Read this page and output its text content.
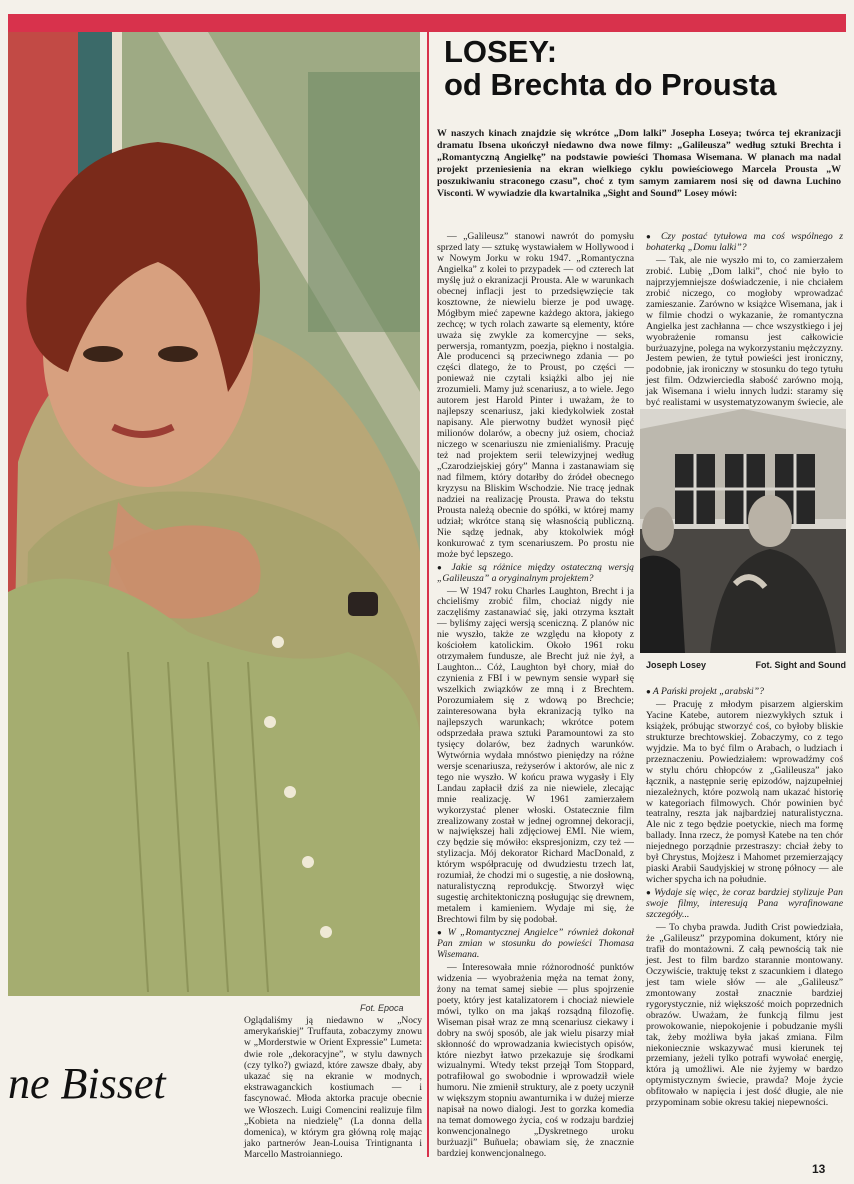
Fot. Epoca
ne Bisset
Oglądaliśmy ją niedawno w „Nocy amerykańskiej” Truffauta, zobaczymy znowu w „Morderstwie w Orient Expressie” Lumeta: dwie role „dekoracyjne”, w stylu dawnych (czy tylko?) gwiazd, które zawsze dbały, aby ukazać się na ekranie w modnych, ekstrawaganckich kostiumach — i fascynować. Młoda aktorka pracuje obecnie we Włoszech. Luigi Comencini realizuje film „Kobieta na niedzielę” (La donna della domenica), w którym gra główną rolę mając jako partnerów Jean-Louisa Trintignanta i Marcello Mastroianniego.
LOSEY:
od Brechta do Prousta
W naszych kinach znajdzie się wkrótce „Dom lalki” Josepha Loseya; twórca tej ekranizacji dramatu Ibsena ukończył niedawno dwa nowe filmy: „Galileusza” według sztuki Brechta i „Romantyczną Angielkę” na podstawie powieści Thomasa Wisemana. W planach ma nadal projekt przeniesienia na ekran wielkiego cyklu powieściowego Marcela Prousta „W poszukiwaniu straconego czasu”, choć z tym samym zamiarem nosi się od dawna Luchino Visconti. W wywiadzie dla kwartalnika „Sight and Sound” Losey mówi:

— „Galileusz” stanowi nawrót do pomysłu sprzed laty — sztukę wystawiałem w Hollywood i w Nowym Jorku w roku 1947. „Romantyczna Angielka” z kolei to przypadek — od czterech lat myślę już o ekranizacji Prousta. Ale w warunkach obecnej inflacji jest to przedsięwzięcie tak kosztowne, że niewielu bierze je pod uwagę. Mógłbym mieć zapewne każdego aktora, jakiego zechcę; w tych rolach zawarte są elementy, które uważa się zwykle za komercyjne — seks, perwersja, romantyzm, poezja, piękno i nostalgia. Ale producenci są przeciwnego zdania — po części dlatego, że to Proust, po części — ponieważ nie czytali książki albo jej nie zrozumieli. Mamy już scenariusz, a to wiele. Jego autorem jest Harold Pinter i uważam, że to najlepszy scenariusz, jaki kiedykolwiek został napisany. Ale pierwotny budżet wynosił pięć milionów dolarów, a obecny już osiem, chociaż niczego w scenariuszu nie zmienialiśmy. Pracuję też nad projektem serii telewizyjnej według „Czarodziejskiej góry” Manna i zastanawiam się nad filmem, który dotarłby do źródeł obecnego kryzysu na Bliskim Wschodzie. Nie tracę jednak nadziei na realizację Prousta. Prawa do tekstu Prousta należą obecnie do spółki, w której mamy udział; wkrótce staną się własnością publiczną. Nie sądzę jednak, aby ktokolwiek mógł konkurować z tym scenariuszem. Po prostu nie może być lepszego.

● Jakie są różnice między ostateczną wersją „Galileusza” a oryginalnym projektem?

— W 1947 roku Charles Laughton, Brecht i ja chcieliśmy zrobić film, chociaż nigdy nie zaczęliśmy zastanawiać się, jaki otrzyma kształt — byliśmy zajęci wersją sceniczną. Z planów nic nie wyszło, także ze względu na kłopoty z kościołem katolickim. Około 1961 roku otrzymałem fundusze, ale Brecht już nie żył, a Laughton... Cóż, Laughton był chory, miał do czynienia z FBI i w pewnym sensie wyparł się wszelkich związków ze mną i z Brechtem. Porozumiałem się z wdową po Brechcie; zainteresowana była ekranizacją tylko na najlepszych warunkach; wkrótce potem odsprzedała prawa sztuki Paramountowi za sto tysięcy dolarów, bez żadnych warunków. Wytwórnia wydała mnóstwo pieniędzy na różne wersje scenariusza, reżyserów i aktorów, ale nic z tego nie wyszło. W końcu prawa wygasły i Ely Landau zapłacił dziś za nie niewiele, zlecając mnie realizację. W 1961 zamierzałem wykorzystać plener włoski. Ostatecznie film zrealizowany został w jednej ogromnej dekoracji, w największej hali zdjęciowej EMI. Nie wiem, czy będzie się mówiło: ekspresjonizm, czy też — stylizacja. Mój dekorator Richard MacDonald, z którym współpracuję od dwudziestu trzech lat, rozumiał, że chodzi mi o sugestię, a nie dosłowną, naturalistyczną reprodukcję. Stworzył więc sugestię architektoniczną posługując się drewnem, metalem i kamieniem. Wydaje mi się, że Brechtowi film by się podobał.

● W „Romantycznej Angielce” również dokonał Pan zmian w stosunku do powieści Thomasa Wisemana.

— Interesowała mnie różnorodność punktów widzenia — wyobrażenia męża na temat żony, żony na temat samej siebie — plus spojrzenie poety, który jest katalizatorem i chociaż niewiele mówi, tylko on ma jakąś rozsądną filozofię. Wiseman pisał wraz ze mną scenariusz ciekawy i dobry na swój sposób, ale jak wielu pisarzy miał skłonność do wprowadzania kwiecistych opisów, które niezbyt łatwo przekazuje się środkami wizualnymi. Wtedy tekst przejął Tom Stoppard, potrafiłowal go swobodnie i wprowadził wiele humoru. Nie zmienił struktury, ale z poety uczynił w większym stopniu awanturnika i w dużej mierze napisał na nowo dialogi. Jest to gorzka komedia na temat domowego życia, coś w rodzaju bardziej konwencjonalnego „Dyskretnego uroku burżuazji” Buñuela; obawiam się, że znacznie bardziej konwencjonalnego.

● Czy postać tytułowa ma coś wspólnego z bohaterką „Domu lalki”?

— Tak, ale nie wyszło mi to, co zamierzałem zrobić. Lubię „Dom lalki”, choć nie było to najprzyjemniejsze doświadczenie, i nie chciałem zrobić niczego, co mogłoby wprowadzać zamieszanie. Zarówno w książce Wisemana, jak i w filmie chodzi o wykazanie, że romantyczna Angielka jest zachłanna — chce wszystkiego i jej wyobrażenie romansu jest całkowicie burżuazyjne, polega na wykorzystaniu mężczyzny. Jestem pewien, że tytuł powieści jest ironiczny, podobnie, jak ironiczny w stosunku do tego tytułu jest film. Odzwierciedla słabość zarówno moją, jak Wisemana i wielu innych ludzi: staramy się być realistami w usystematyzowanym świecie, ale

Joseph Losey	Fot. Sight and Sound

● A Pański projekt „arabski”?

— Pracuję z młodym pisarzem algierskim Yacine Katebe, autorem niezwykłych sztuk i książek, próbując stworzyć coś, co byłoby bliskie strukturze brechtowskiej. Zobaczymy, co z tego wyjdzie. Ma to być film o Arabach, o ludziach i przeznaczeniu. Powiedziałem: wprowadźmy coś w stylu chóru chłopców z „Galileusza” jako łącznik, a następnie serię epizodów, najzupełniej niezależnych, które pozwolą nam ukazać historię w kategoriach filmowych. Chór powinien być teatralny, reszta jak najbardziej naturalistyczna. Ale nic z tego będzie poetyckie, niech ma formę ballady. Inna rzecz, że pomysł Katebe na ten chór niejednego porządnie przestraszy: chciał żeby to był Chrystus, Mojżesz i Mahomet przemierzający piaski Arabii Saudyjskiej w stronę północy — ale wicher spycha ich na południe.

● Wydaje się więc, że coraz bardziej stylizuje Pan swoje filmy, interesują Pana wyrafinowane szczegóły...

— To chyba prawda. Judith Crist powiedziała, że „Galileusz” przypomina dokument, który nie trafił do montażowni. Z całą pewnością tak nie jest. Jest to film bardzo starannie montowany. Oczywiście, traktuję tekst z szacunkiem i dlatego jest tam wiele słów — ale „Galileusz” zmontowany został znacznie bardziej rygorystycznie, niż większość moich poprzednich obrazów. Uważam, że funkcją filmu jest prowokowanie, niepokojenie i pobudzanie myśli tak, żeby możliwa była jakaś zmiana. Film niekoniecznie wskazywać musi kierunek tej przemiany, jeżeli tylko potrafi wywołać energię, która ją umożliwi. Ale nie żyjemy w bardzo optymistycznym świecie, prawda? Moje życie obfitowało w napięcia i jest dość długie, ale nie przypominam sobie okresu takiej niepewności.

13
